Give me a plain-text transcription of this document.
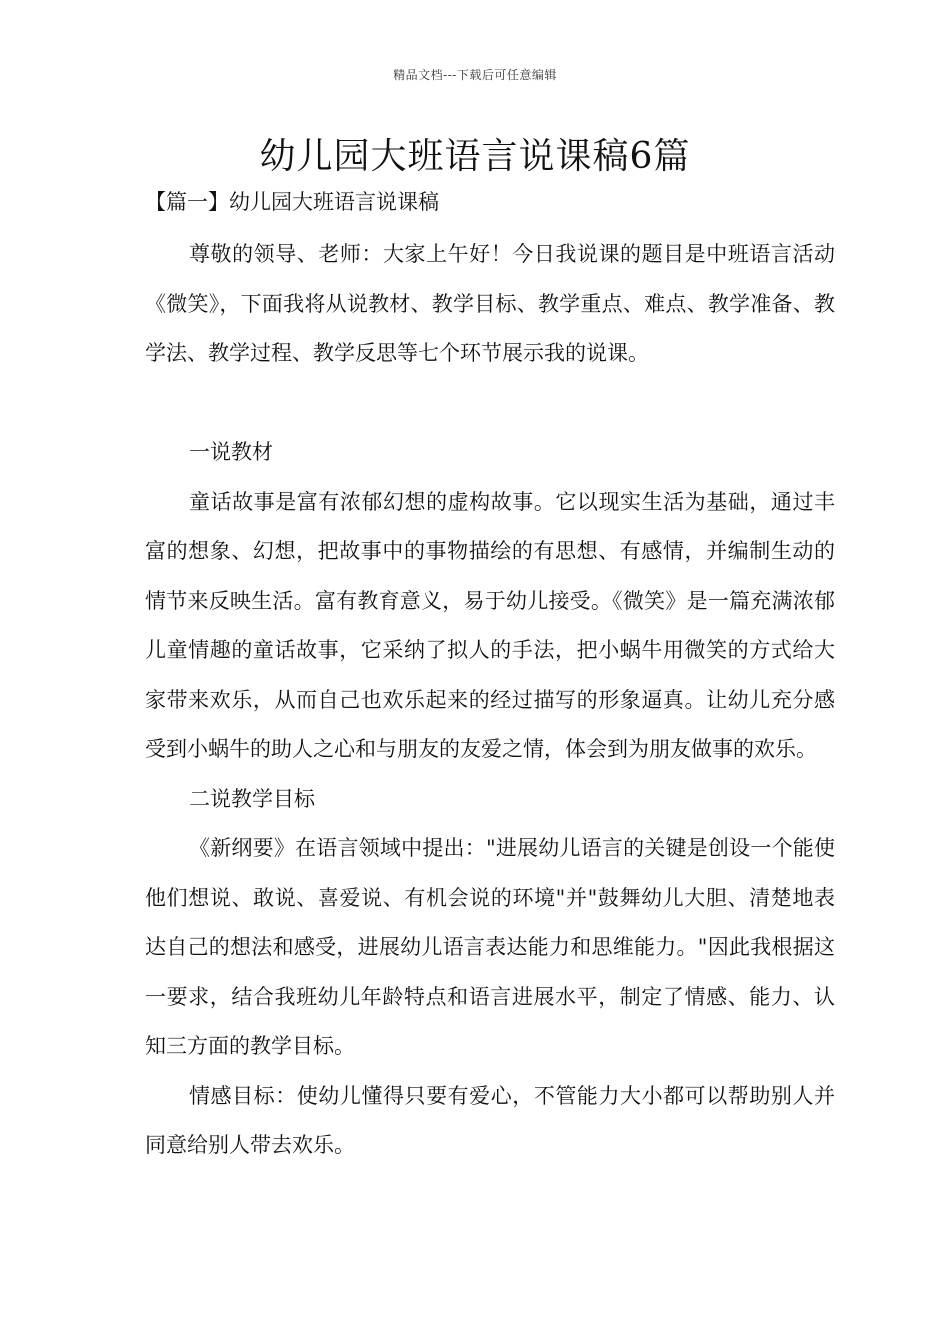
精品文档---下载后可任意编辑
幼儿园大班语言说课稿6篇
【篇一】幼儿园大班语言说课稿

尊敬的领导、老师：大家上午好！今日我说课的题目是中班语言活动《微笑》，下面我将从说教材、教学目标、教学重点、难点、教学准备、教学法、教学过程、教学反思等七个环节展示我的说课。

一说教材

童话故事是富有浓郁幻想的虚构故事。它以现实生活为基础，通过丰富的想象、幻想，把故事中的事物描绘的有思想、有感情，并编制生动的情节来反映生活。富有教育意义，易于幼儿接受。《微笑》是一篇充满浓郁儿童情趣的童话故事，它采纳了拟人的手法，把小蜗牛用微笑的方式给大家带来欢乐，从而自己也欢乐起来的经过描写的形象逼真。让幼儿充分感受到小蜗牛的助人之心和与朋友的友爱之情，体会到为朋友做事的欢乐。

二说教学目标

《新纲要》在语言领域中提出："进展幼儿语言的关键是创设一个能使他们想说、敢说、喜爱说、有机会说的环境"并"鼓舞幼儿大胆、清楚地表达自己的想法和感受，进展幼儿语言表达能力和思维能力。"因此我根据这一要求，结合我班幼儿年龄特点和语言进展水平，制定了情感、能力、认知三方面的教学目标。

情感目标：使幼儿懂得只要有爱心，不管能力大小都可以帮助别人并同意给别人带去欢乐。
